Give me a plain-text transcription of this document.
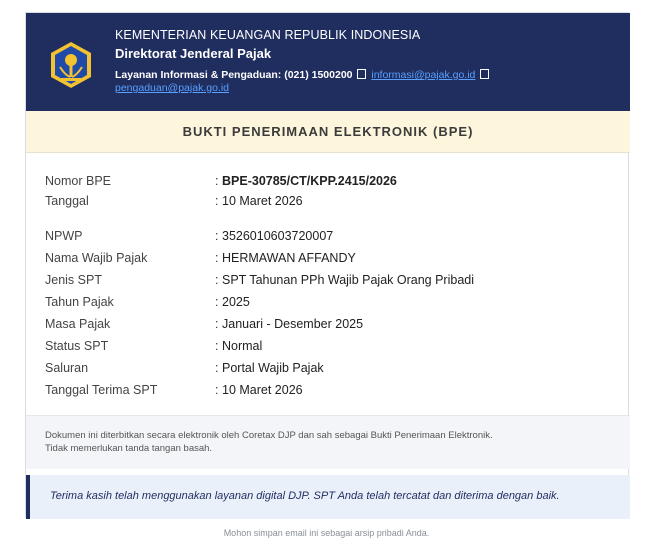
KEMENTERIAN KEUANGAN REPUBLIK INDONESIA
Direktorat Jenderal Pajak
Layanan Informasi & Pengaduan: (021) 1500200 informasi@pajak.go.id  pengaduan@pajak.go.id
BUKTI PENERIMAAN ELEKTRONIK (BPE)
Nomor BPE	: BPE-30785/CT/KPP.2415/2026
Tanggal	: 10 Maret 2026
NPWP	: 3526010603720007
Nama Wajib Pajak	: HERMAWAN AFFANDY
Jenis SPT	: SPT Tahunan PPh Wajib Pajak Orang Pribadi
Tahun Pajak	: 2025
Masa Pajak	: Januari - Desember 2025
Status SPT	: Normal
Saluran	: Portal Wajib Pajak
Tanggal Terima SPT	: 10 Maret 2026
Dokumen ini diterbitkan secara elektronik oleh Coretax DJP dan sah sebagai Bukti Penerimaan Elektronik.
Tidak memerlukan tanda tangan basah.
Terima kasih telah menggunakan layanan digital DJP. SPT Anda telah tercatat dan diterima dengan baik.
Mohon simpan email ini sebagai arsip pribadi Anda.
